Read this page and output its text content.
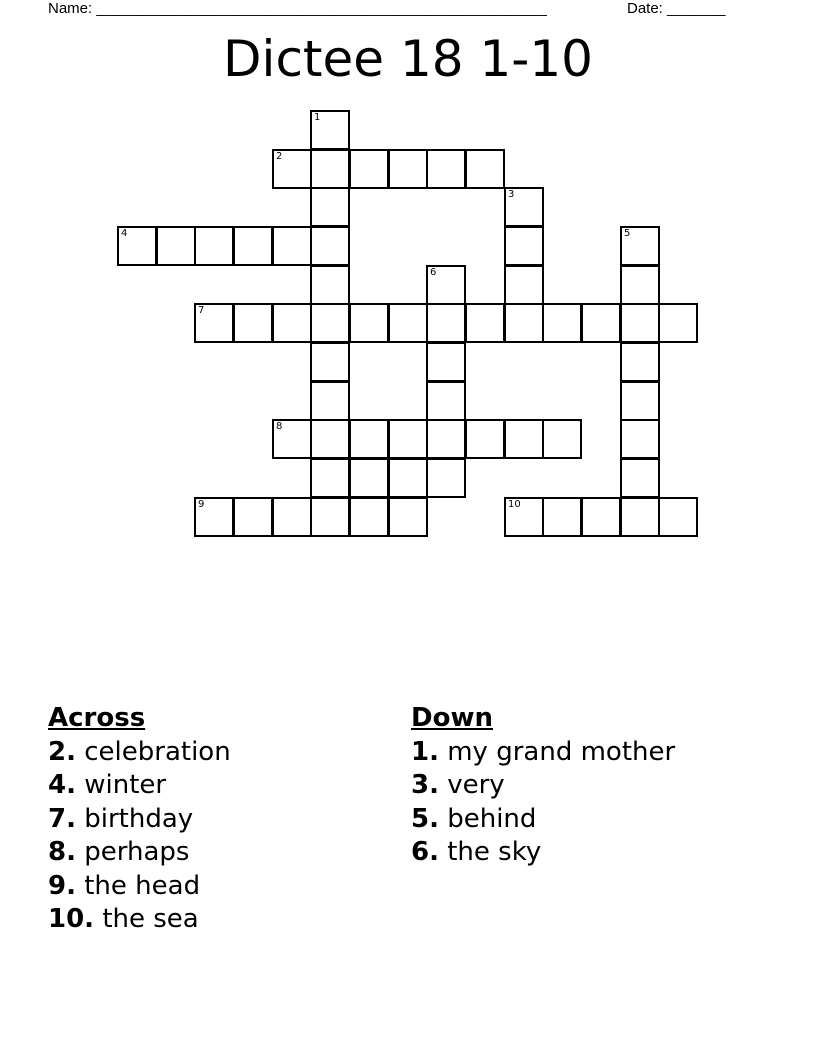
Name: ______________________________________________________	Date: _______
Dictee 18 1-10
1
2
3
4	5
6
7
8
9	10
Across
2. celebration
4. winter
7. birthday
8. perhaps
9. the head
10. the sea
Down
1. my grand mother
3. very
5. behind
6. the sky
